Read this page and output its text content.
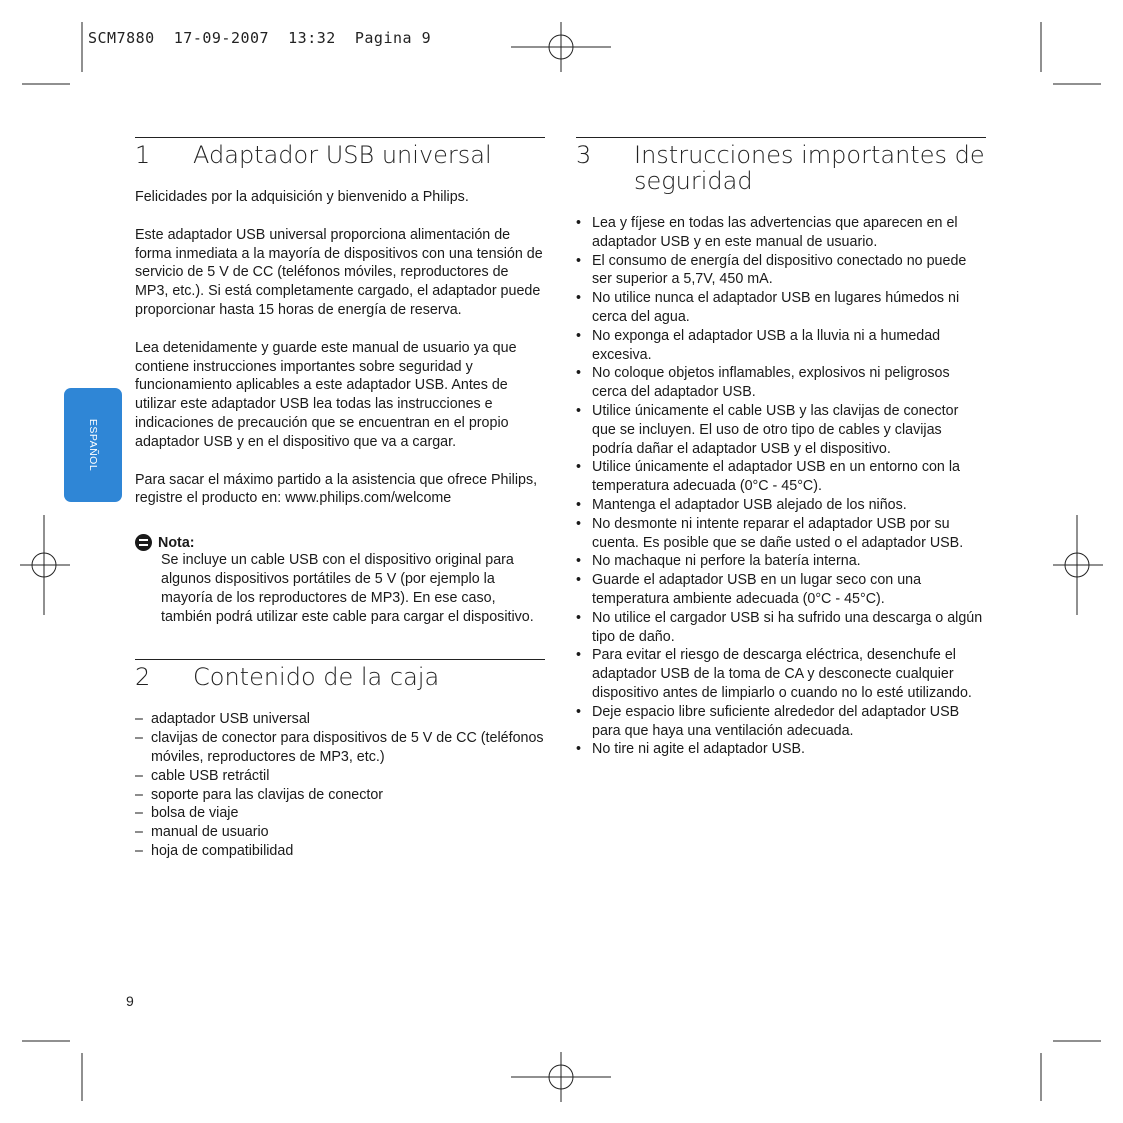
SCM7880  17-09-2007  13:32  Pagina 9
ESPAÑOL
1	Adaptador USB universal

Felicidades por la adquisición y bienvenido a Philips.

Este adaptador USB universal proporciona alimentación de forma inmediata a la mayoría de dispositivos con una tensión de servicio de 5 V de CC (teléfonos móviles, reproductores de MP3, etc.). Si está completamente cargado, el adaptador puede proporcionar hasta 15 horas de energía de reserva.

Lea detenidamente y guarde este manual de usuario ya que contiene instrucciones importantes sobre seguridad y funcionamiento aplicables a este adaptador USB. Antes de utilizar este adaptador USB lea todas las instrucciones e indicaciones de precaución que se encuentran en el propio adaptador USB y en el dispositivo que va a cargar.

Para sacar el máximo partido a la asistencia que ofrece Philips, registre el producto en: www.philips.com/welcome

Nota:

Se incluye un cable USB con el dispositivo original para algunos dispositivos portátiles de 5 V (por ejemplo la mayoría de los reproductores de MP3). En ese caso, también podrá utilizar este cable para cargar el dispositivo.

2	Contenido de la caja
– adaptador USB universal
– clavijas de conector para dispositivos de 5 V de CC (teléfonos móviles, reproductores de MP3, etc.)
– cable USB retráctil
– soporte para las clavijas de conector
– bolsa de viaje
– manual de usuario
– hoja de compatibilidad
3	Instrucciones importantes de seguridad
• Lea y fíjese en todas las advertencias que aparecen en el adaptador USB y en este manual de usuario.
• El consumo de energía del dispositivo conectado no puede ser superior a 5,7V, 450 mA.
• No utilice nunca el adaptador USB en lugares húmedos ni cerca del agua.
• No exponga el adaptador USB a la lluvia ni a humedad excesiva.
• No coloque objetos inflamables, explosivos ni peligrosos cerca del adaptador USB.
• Utilice únicamente el cable USB y las clavijas de conector que se incluyen. El uso de otro tipo de cables y clavijas podría dañar el adaptador USB y el dispositivo.
• Utilice únicamente el adaptador USB en un entorno con la temperatura adecuada (0°C - 45°C).
• Mantenga el adaptador USB alejado de los niños.
• No desmonte ni intente reparar el adaptador USB por su cuenta. Es posible que se dañe usted o el adaptador USB.
• No machaque ni perfore la batería interna.
• Guarde el adaptador USB en un lugar seco con una temperatura ambiente adecuada (0°C - 45°C).
• No utilice el cargador USB si ha sufrido una descarga o algún tipo de daño.
• Para evitar el riesgo de descarga eléctrica, desenchufe el adaptador USB de la toma de CA y desconecte cualquier dispositivo antes de limpiarlo o cuando no lo esté utilizando.
• Deje espacio libre suficiente alrededor del adaptador USB para que haya una ventilación adecuada.
• No tire ni agite el adaptador USB.
9
